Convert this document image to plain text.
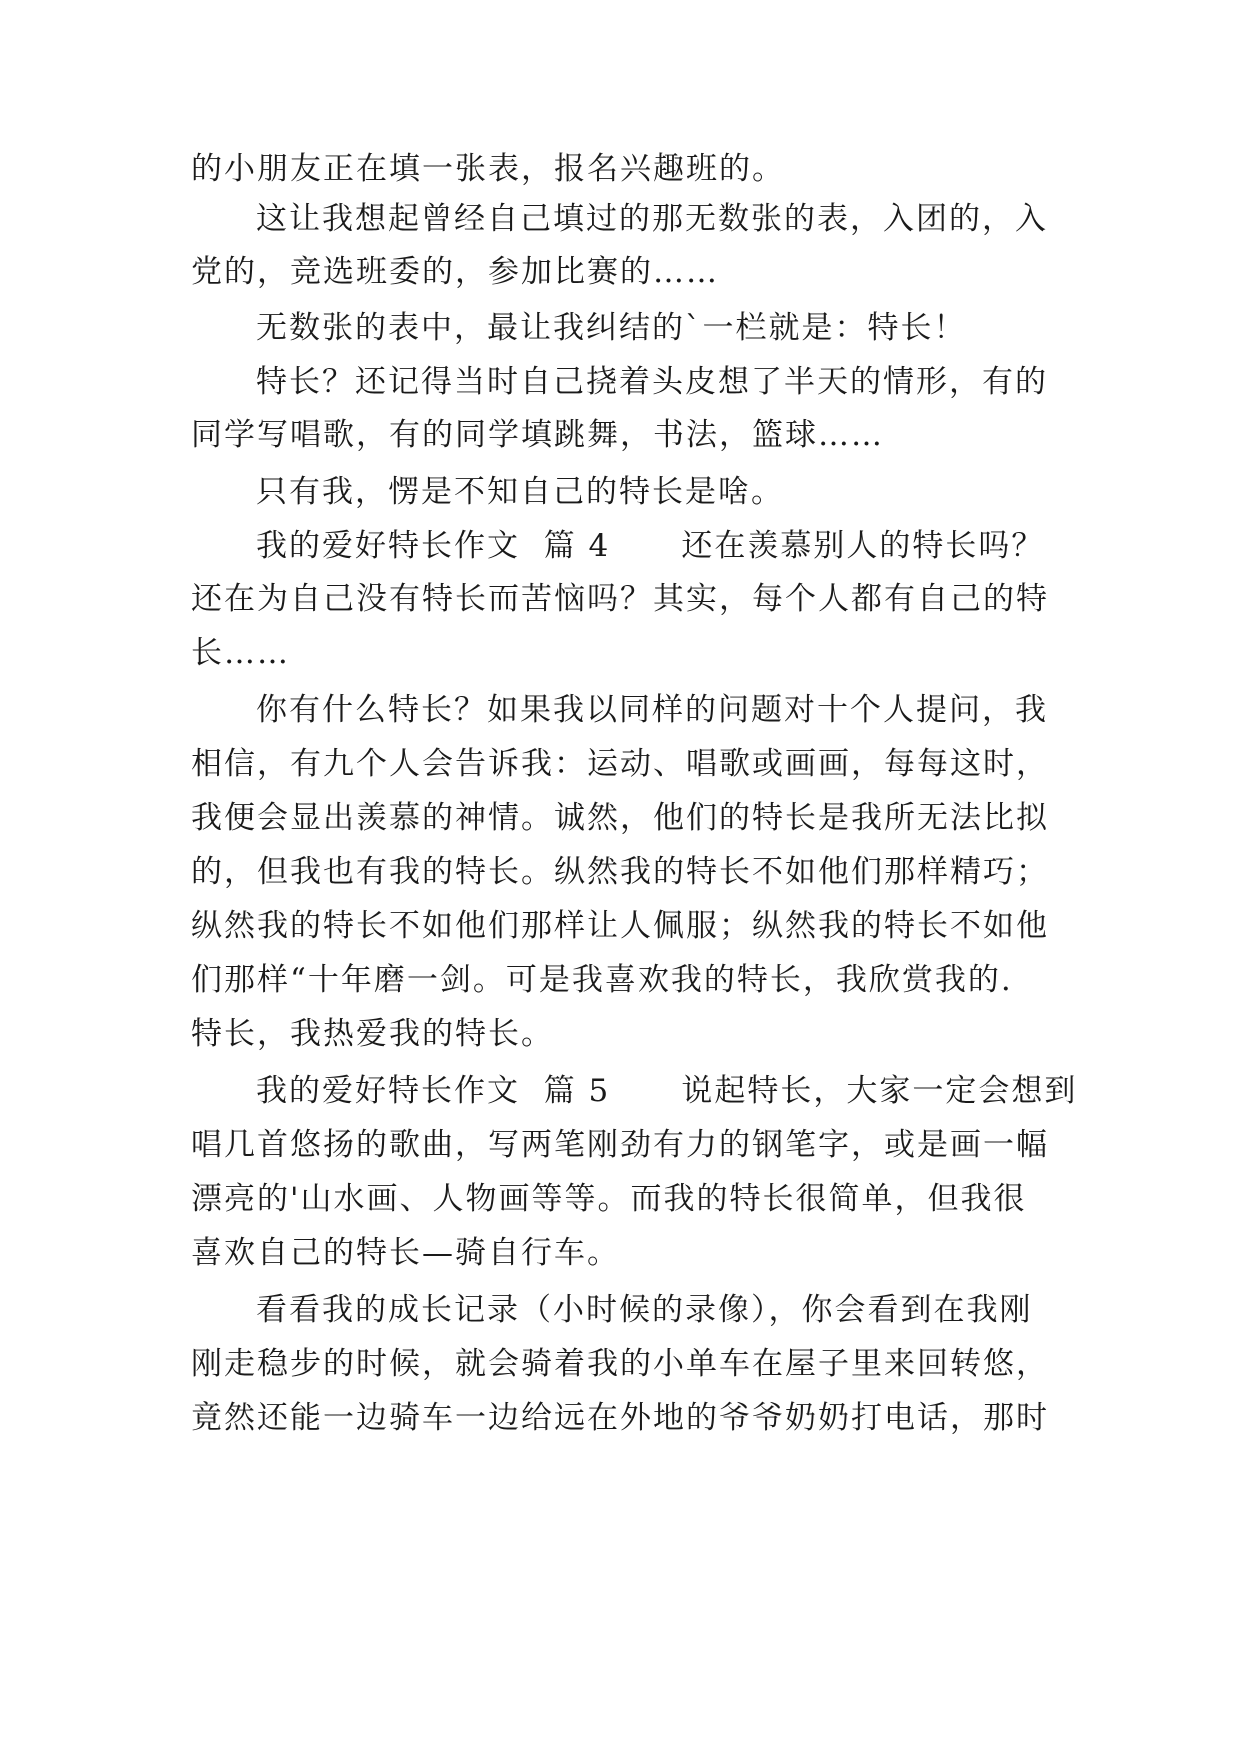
的小朋友正在填一张表，报名兴趣班的。
这让我想起曾经自己填过的那无数张的表，入团的，入
党的，竞选班委的，参加比赛的……
无数张的表中，最让我纠结的`一栏就是：特长！
特长？还记得当时自己挠着头皮想了半天的情形，有的
同学写唱歌，有的同学填跳舞，书法，篮球……
只有我，愣是不知自己的特长是啥。
我的爱好特长作文  篇 4      还在羡慕别人的特长吗？
还在为自己没有特长而苦恼吗？其实，每个人都有自己的特
长……
你有什么特长？如果我以同样的问题对十个人提问，我
相信，有九个人会告诉我：运动、唱歌或画画，每每这时，
我便会显出羡慕的神情。诚然，他们的特长是我所无法比拟
的，但我也有我的特长。纵然我的特长不如他们那样精巧；
纵然我的特长不如他们那样让人佩服；纵然我的特长不如他
们那样“十年磨一剑。可是我喜欢我的特长，我欣赏我的.
特长，我热爱我的特长。
我的爱好特长作文  篇 5      说起特长，大家一定会想到
唱几首悠扬的歌曲，写两笔刚劲有力的钢笔字，或是画一幅
漂亮的'山水画、人物画等等。而我的特长很简单，但我很
喜欢自己的特长—骑自行车。
看看我的成长记录（小时候的录像），你会看到在我刚
刚走稳步的时候，就会骑着我的小单车在屋子里来回转悠，
竟然还能一边骑车一边给远在外地的爷爷奶奶打电话，那时
